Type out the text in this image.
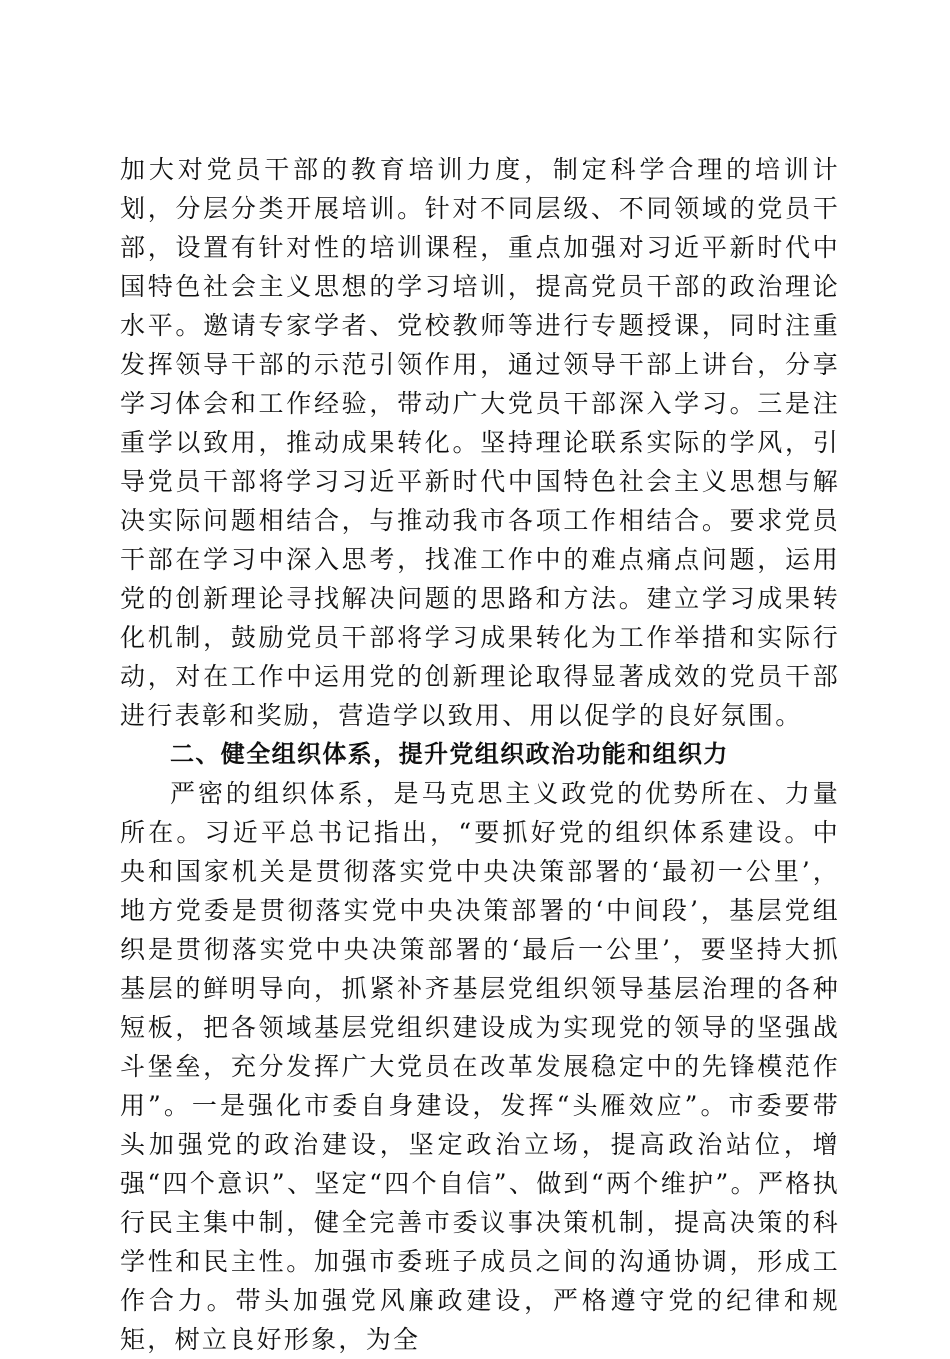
加大对党员干部的教育培训力度，制定科学合理的培训计划，分层分类开展培训。针对不同层级、不同领域的党员干部，设置有针对性的培训课程，重点加强对习近平新时代中国特色社会主义思想的学习培训，提高党员干部的政治理论水平。邀请专家学者、党校教师等进行专题授课，同时注重发挥领导干部的示范引领作用，通过领导干部上讲台，分享学习体会和工作经验，带动广大党员干部深入学习。三是注重学以致用，推动成果转化。坚持理论联系实际的学风，引导党员干部将学习习近平新时代中国特色社会主义思想与解决实际问题相结合，与推动我市各项工作相结合。要求党员干部在学习中深入思考，找准工作中的难点痛点问题，运用党的创新理论寻找解决问题的思路和方法。建立学习成果转化机制，鼓励党员干部将学习成果转化为工作举措和实际行动，对在工作中运用党的创新理论取得显著成效的党员干部进行表彰和奖励，营造学以致用、用以促学的良好氛围。

二、健全组织体系，提升党组织政治功能和组织力

严密的组织体系，是马克思主义政党的优势所在、力量所在。习近平总书记指出，“要抓好党的组织体系建设。中央和国家机关是贯彻落实党中央决策部署的‘最初一公里’，地方党委是贯彻落实党中央决策部署的‘中间段’，基层党组织是贯彻落实党中央决策部署的‘最后一公里’，要坚持大抓基层的鲜明导向，抓紧补齐基层党组织领导基层治理的各种短板，把各领域基层党组织建设成为实现党的领导的坚强战斗堡垒，充分发挥广大党员在改革发展稳定中的先锋模范作用”。一是强化市委自身建设，发挥“头雁效应”。市委要带头加强党的政治建设，坚定政治立场，提高政治站位，增强“四个意识”、坚定“四个自信”、做到“两个维护”。严格执行民主集中制，健全完善市委议事决策机制，提高决策的科学性和民主性。加强市委班子成员之间的沟通协调，形成工作合力。带头加强党风廉政建设，严格遵守党的纪律和规矩，树立良好形象，为全
